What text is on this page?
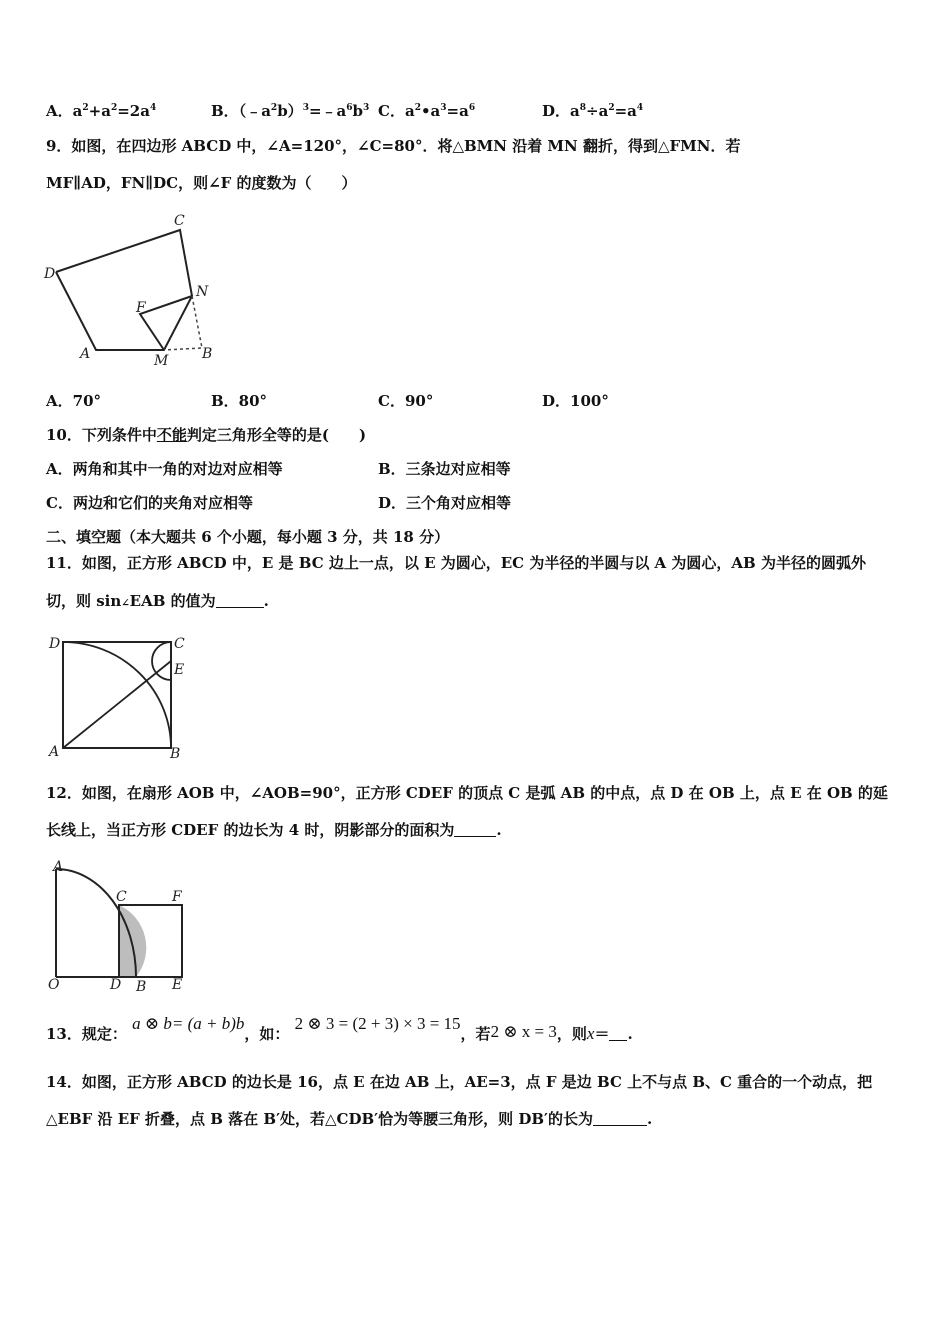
A．$a^2+a^2=2a^4$	B．$(﹣a^2b)^3=﹣a^6b^3$ C．$a^2•a^3=a^6$	D．$a^8\div a^2=a^4$
9．如图，在四边形 ABCD 中，∠A=120°，∠C=80°．将△BMN 沿着 MN 翻折，得到△FMN．若
MF∥AD，FN∥DC，则∠F 的度数为（　　）
C
D
N
F
A	M B
A．70°	B．80°	C．90°	D．100°
10．下列条件中不能判定三角形全等的是(　　)
A．两角和其中一角的对边对应相等	B．三条边对应相等
C．两边和它们的夹角对应相等	D．三个角对应相等
二、填空题（本大题共 6 个小题，每小题 3 分，共 18 分）
11．如图，正方形 ABCD 中，E 是 BC 边上一点，以 E 为圆心，EC 为半径的半圆与以 A 为圆心，AB 为半径的圆弧外
切，则 sin∠EAB 的值为	.
D	C
E
A	B
12．如图，在扇形 AOB 中，∠AOB=90°，正方形 CDEF 的顶点 C 是弧 AB 的中点，点 D 在 OB 上，点 E 在 OB 的延
长线上，当正方形 CDEF 的边长为 4 时，阴影部分的面积为	.
A
C	F
O	D B E
13．规定： a ⊗ b= (a + b)b，如： 2 ⊗ 3 = (2 + 3) × 3 = 15，若2 ⊗ x = 3，则x＝ .
14．如图，正方形 ABCD 的边长是 16，点 E 在边 AB 上，AE=3，点 F 是边 BC 上不与点 B、C 重合的一个动点，把
△EBF 沿 EF 折叠，点 B 落在 B′处，若△CDB′恰为等腰三角形，则 DB′的长为	.
